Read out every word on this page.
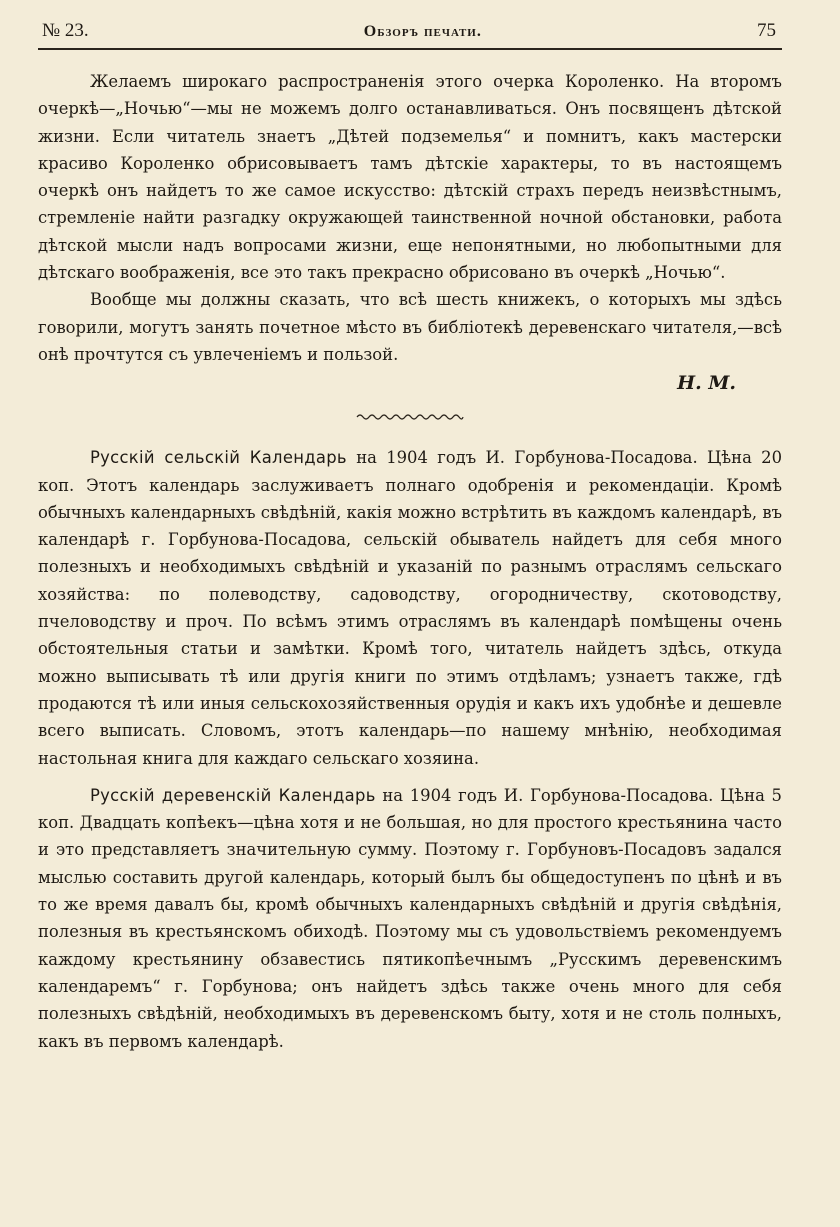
№ 23.	Обзоръ печати.	75

Желаемъ широкаго распространенія этого очерка Короленко. На второмъ очеркѣ—„Ночью“—мы не можемъ долго останавливаться. Онъ посвященъ дѣтской жизни. Если читатель знаетъ „Дѣтей подземелья“ и помнитъ, какъ мастерски красиво Короленко обрисовываетъ тамъ дѣтскіе характеры, то въ настоящемъ очеркѣ онъ найдетъ то же самое искусство: дѣтскій страхъ передъ неизвѣстнымъ, стремленіе найти разгадку окружающей таинственной ночной обстановки, работа дѣтской мысли надъ вопросами жизни, еще непонятными, но любопытными для дѣтскаго воображенія, все это такъ прекрасно обрисовано въ очеркѣ „Ночью“.

Вообще мы должны сказать, что всѣ шесть книжекъ, о которыхъ мы здѣсь говорили, могутъ занять почетное мѣсто въ библіотекѣ деревенскаго читателя,—всѣ онѣ прочтутся съ увлеченіемъ и пользой.

Н. М.

Русскій сельскій Календарь на 1904 годъ И. Горбунова-Посадова. Цѣна 20 коп. Этотъ календарь заслуживаетъ полнаго одобренія и рекомендаціи. Кромѣ обычныхъ календарныхъ свѣдѣній, какія можно встрѣтить въ каждомъ календарѣ, въ календарѣ г. Горбунова-Посадова, сельскій обыватель найдетъ для себя много полезныхъ и необходимыхъ свѣдѣній и указаній по разнымъ отраслямъ сельскаго хозяйства: по полеводству, садоводству, огородничеству, скотоводству, пчеловодству и проч. По всѣмъ этимъ отраслямъ въ календарѣ помѣщены очень обстоятельныя статьи и замѣтки. Кромѣ того, читатель найдетъ здѣсь, откуда можно выписывать тѣ или другія книги по этимъ отдѣламъ; узнаетъ также, гдѣ продаются тѣ или иныя сельскохозяйственныя орудія и какъ ихъ удобнѣе и дешевле всего выписать. Словомъ, этотъ календарь—по нашему мнѣнію, необходимая настольная книга для каждаго сельскаго хозяина.

Русскій деревенскій Календарь на 1904 годъ И. Горбунова-Посадова. Цѣна 5 коп. Двадцать копѣекъ—цѣна хотя и не большая, но для простого крестьянина часто и это представляетъ значительную сумму. Поэтому г. Горбуновъ-Посадовъ задался мыслью составить другой календарь, который былъ бы общедоступенъ по цѣнѣ и въ то же время давалъ бы, кромѣ обычныхъ календарныхъ свѣдѣній и другія свѣдѣнія, полезныя въ крестьянскомъ обиходѣ. Поэтому мы съ удовольствіемъ рекомендуемъ каждому крестьянину обзавестись пятикопѣечнымъ „Русскимъ деревенскимъ календаремъ“ г. Горбунова; онъ найдетъ здѣсь также очень много для себя полезныхъ свѣдѣній, необходимыхъ въ деревенскомъ быту, хотя и не столь полныхъ, какъ въ первомъ календарѣ.
